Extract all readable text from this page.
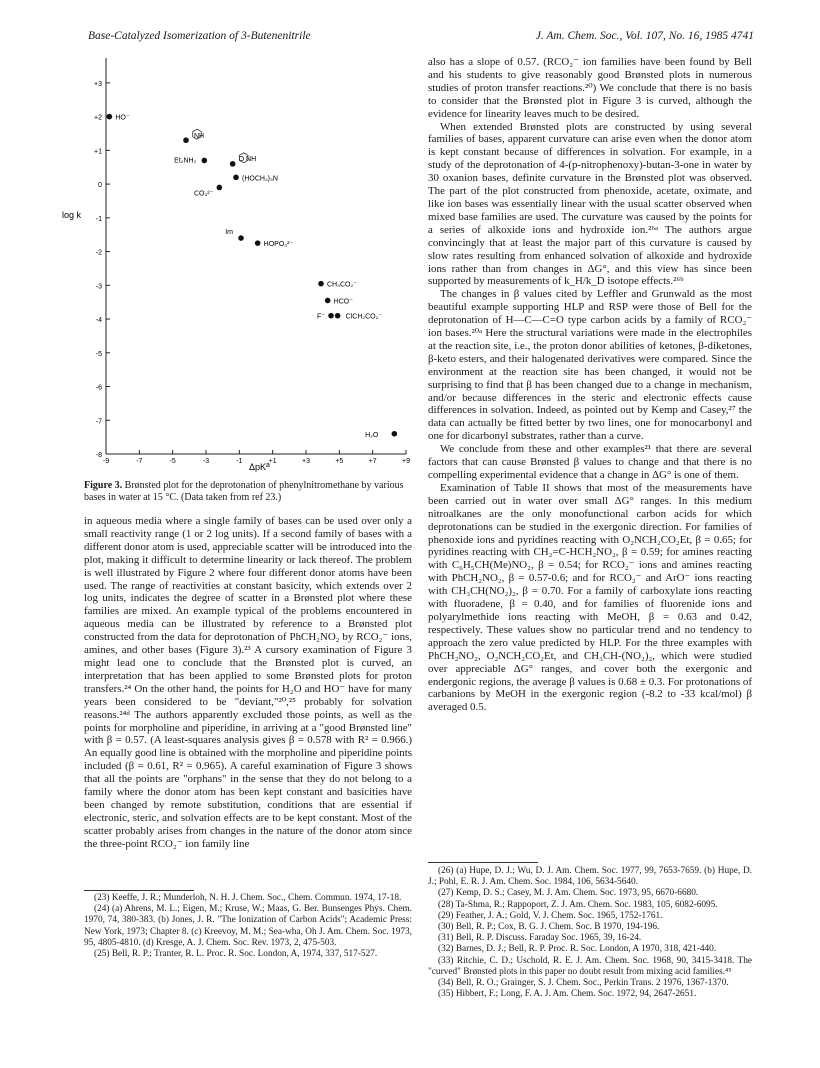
Base-Catalyzed Isomerization of 3-Butenenitrile	J. Am. Chem. Soc., Vol. 107, No. 16, 1985 4741
+3
+2
+1
0
-1
-2
-3
-4
-5
-6
-7
-8
-9	-7	-5	-3	-1	+1	+3	+5	+7	+9
HO⁻
NH
Et₂NH₂	O NH
(HOCH₂)₃N
CO₃²⁻
Im
HOPO₃²⁻
CH₃CO₂⁻
HCO⁻
F⁻	ClCH₂CO₂⁻
H₂O
log k
ΔpK a
Figure 3. Brønsted plot for the deprotonation of phenylnitromethane by various bases in water at 15 °C. (Data taken from ref 23.)

in aqueous media where a single family of bases can be used over only a small reactivity range (1 or 2 log units). If a second family of bases with a different donor atom is used, appreciable scatter will be introduced into the plot, making it difficult to determine linearity or lack thereof. The problem is well illustrated by Figure 2 where four different donor atoms have been used. The range of reactivities at constant basicity, which extends over 2 log units, indicates the degree of scatter in a Brønsted plot where these families are mixed. An example typical of the problems encountered in aqueous media can be illustrated by reference to a Brønsted plot constructed from the data for deprotonation of PhCH₂NO₂ by RCO₂⁻ ions, amines, and other bases (Figure 3).²³ A cursory examination of Figure 3 might lead one to conclude that the Brønsted plot is curved, an interpretation that has been applied to some Brønsted plots for proton transfers.²⁴ On the other hand, the points for H₂O and HO⁻ have for many years been considered to be "deviant,"²⁰,²⁵ probably for solvation reasons.²⁴ᵈ The authors apparently excluded those points, as well as the points for morpholine and piperidine, in arriving at a "good Brønsted line" with β = 0.57. (A least-squares analysis gives β = 0.578 with R² = 0.966.) An equally good line is obtained with the morpholine and piperidine points included (β = 0.61, R² = 0.965). A careful examination of Figure 3 shows that all the points are "orphans" in the sense that they do not belong to a family where the donor atom has been kept constant and basicities have been changed by remote substitution, conditions that are essential if electronic, steric, and solvation effects are to be kept constant. Most of the scatter probably arises from changes in the nature of the donor atom since the three-point RCO₂⁻ ion family line

also has a slope of 0.57. (RCO₂⁻ ion families have been found by Bell and his students to give reasonably good Brønsted plots in numerous studies of proton transfer reactions.²⁰) We conclude that there is no basis to consider that the Brønsted plot in Figure 3 is curved, although the evidence for linearity leaves much to be desired.

When extended Brønsted plots are constructed by using several families of bases, apparent curvature can arise even when the donor atom is kept constant because of differences in solvation. For example, in a study of the deprotonation of 4-(p-nitrophenoxy)-butan-3-one in water by 30 oxanion bases, definite curvature in the Brønsted plot was observed. The part of the plot constructed from phenoxide, acetate, oximate, and like ion bases was essentially linear with the usual scatter observed when mixed base families are used. The curvature was caused by the points for a series of alkoxide ions and hydroxide ion.²⁶ᵃ The authors argue convincingly that at least the major part of this curvature is caused by slow rates resulting from enhanced solvation of alkoxide and hydroxide ions rather than from changes in ΔG°, and this view has since been supported by measurements of k_H/k_D isotope effects.²⁶ᵇ

The changes in β values cited by Leffler and Grunwald as the most beautiful example supporting HLP and RSP were those of Bell for the deprotonation of H—C—C=O type carbon acids by a family of RCO₂⁻ ion bases.²⁰ᵃ Here the structural variations were made in the electrophiles at the reaction site, i.e., the proton donor abilities of ketones, β-diketones, β-keto esters, and their halogenated derivatives were compared. Since the environment at the reaction site has been changed, it would not be surprising to find that β has been changed due to a change in mechanism, and/or because differences in the steric and electronic effects cause differences in solvation. Indeed, as pointed out by Kemp and Casey,²⁷ the data can actually be fitted better by two lines, one for monocarbonyl and one for dicarbonyl substrates, rather than a curve.

We conclude from these and other examples²¹ that there are several factors that can cause Brønsted β values to change and that there is no compelling experimental evidence that a change in ΔG° is one of them.

Examination of Table II shows that most of the measurements have been carried out in water over small ΔG° ranges. In this medium nitroalkanes are the only monofunctional carbon acids for which deprotonations can be studied in the exergonic direction. For families of phenoxide ions and pyridines reacting with O₂NCH₂CO₂Et, β = 0.65; for pyridines reacting with CH₂=C-HCH₂NO₂, β = 0.59; for amines reacting with C₆H₅CH(Me)NO₂, β = 0.54; for RCO₂⁻ ions and amines reacting with PhCH₂NO₂, β = 0.57-0.6; and for RCO₂⁻ and ArO⁻ ions reacting with CH₃CH(NO₂)₂, β = 0.70. For a family of carboxylate ions reacting with fluoradene, β = 0.40, and for families of fluorenide ions and polyarylmethide ions reacting with MeOH, β = 0.63 and 0.42, respectively. These values show no particular trend and no tendency to approach the zero value predicted by HLP. For the three examples with PhCH₂NO₂, O₂NCH₂CO₂Et, and CH₃CH-(NO₂)₂, which were studied over appreciable ΔG° ranges, and cover both the exergonic and endergonic regions, the average β values is 0.68 ± 0.3. For protonations of carbanions by MeOH in the exergonic region (-8.2 to -33 kcal/mol) β averaged 0.5.

(23) Keeffe, J. R.; Munderloh, N. H. J. Chem. Soc., Chem. Commun. 1974, 17-18.
(24) (a) Ahrens, M. L.; Eigen, M.; Kruse, W.; Maas, G. Ber. Bunsenges Phys. Chem. 1970, 74, 380-383. (b) Jones, J. R. "The Ionization of Carbon Acids"; Academic Press: New York, 1973; Chapter 8. (c) Kreevoy, M. M.; Sea-wha, Oh J. Am. Chem. Soc. 1973, 95, 4805-4810. (d) Kresge, A. J. Chem. Soc. Rev. 1973, 2, 475-503.
(25) Bell, R. P.; Tranter, R. L. Proc. R. Soc. London, A, 1974, 337, 517-527.
(26) (a) Hupe, D. J.; Wu, D. J. Am. Chem. Soc. 1977, 99, 7653-7659. (b) Hupe, D. J.; Pohl, E. R. J. Am. Chem. Soc. 1984, 106, 5634-5640.
(27) Kemp, D. S.; Casey, M. J. Am. Chem. Soc. 1973, 95, 6670-6680.
(28) Ta-Shma, R.; Rappoport, Z. J. Am. Chem. Soc. 1983, 105, 6082-6095.
(29) Feather, J. A.; Gold, V. J. Chem. Soc. 1965, 1752-1761.
(30) Bell, R. P.; Cox, B. G. J. Chem. Soc. B 1970, 194-196.
(31) Bell, R. P. Discuss. Faraday Soc. 1965, 39, 16-24.
(32) Barnes, D. J.; Bell, R. P. Proc. R. Soc. London, A 1970, 318, 421-440.
(33) Ritchie, C. D.; Uschold, R. E. J. Am. Chem. Soc. 1968, 90, 3415-3418. The "curved" Brønsted plots in this paper no doubt result from mixing acid families.⁴⁵
(34) Bell, R. O.; Grainger, S. J. Chem. Soc., Perkin Trans. 2 1976, 1367-1370.
(35) Hibbert, F.; Long, F. A. J. Am. Chem. Soc. 1972, 94, 2647-2651.
